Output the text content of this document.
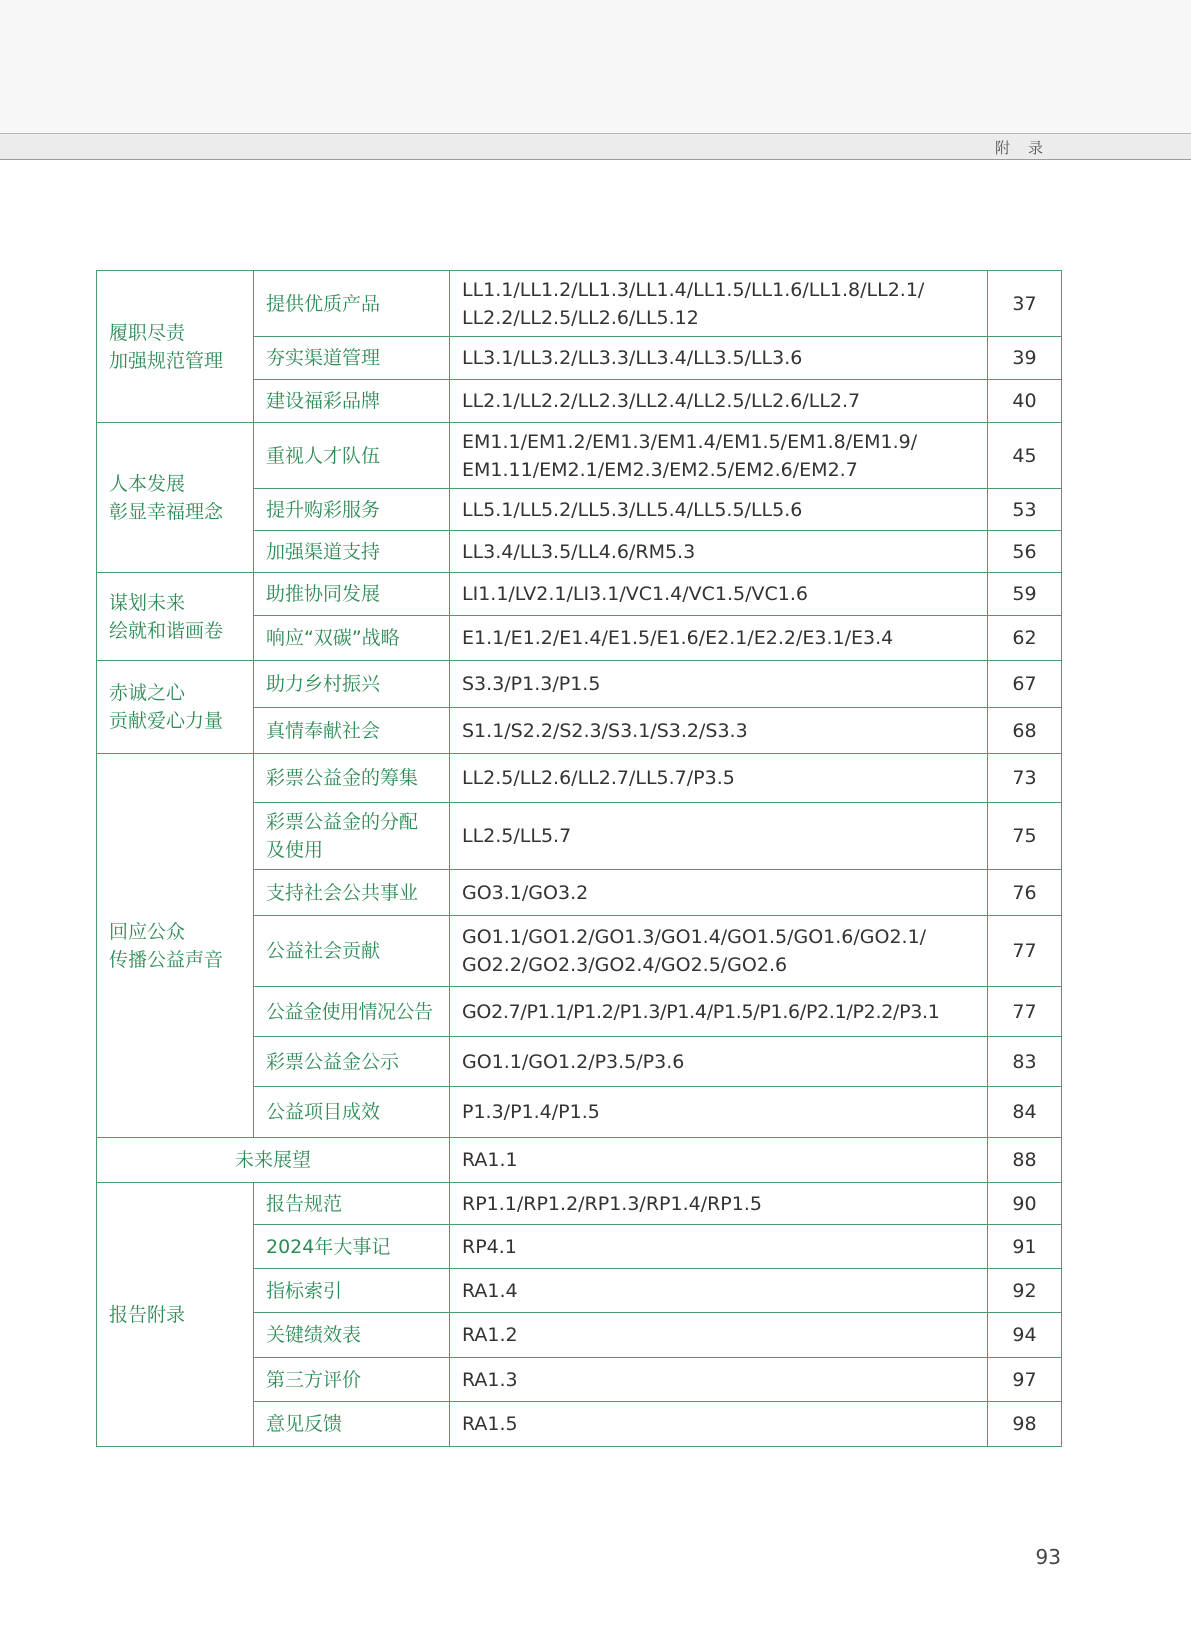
附录
履职尽责
加强规范管理	提供优质产品	LL1.1/LL1.2/LL1.3/LL1.4/LL1.5/LL1.6/LL1.8/LL2.1/
LL2.2/LL2.5/LL2.6/LL5.12	37
	夯实渠道管理	LL3.1/LL3.2/LL3.3/LL3.4/LL3.5/LL3.6	39
	建设福彩品牌	LL2.1/LL2.2/LL2.3/LL2.4/LL2.5/LL2.6/LL2.7	40
人本发展
彰显幸福理念	重视人才队伍	EM1.1/EM1.2/EM1.3/EM1.4/EM1.5/EM1.8/EM1.9/
EM1.11/EM2.1/EM2.3/EM2.5/EM2.6/EM2.7	45
	提升购彩服务	LL5.1/LL5.2/LL5.3/LL5.4/LL5.5/LL5.6	53
	加强渠道支持	LL3.4/LL3.5/LL4.6/RM5.3	56
谋划未来
绘就和谐画卷	助推协同发展	LI1.1/LV2.1/LI3.1/VC1.4/VC1.5/VC1.6	59
	响应“双碳”战略	E1.1/E1.2/E1.4/E1.5/E1.6/E2.1/E2.2/E3.1/E3.4	62
赤诚之心
贡献爱心力量	助力乡村振兴	S3.3/P1.3/P1.5	67
	真情奉献社会	S1.1/S2.2/S2.3/S3.1/S3.2/S3.3	68
回应公众
传播公益声音	彩票公益金的筹集	LL2.5/LL2.6/LL2.7/LL5.7/P3.5	73
	彩票公益金的分配
及使用	LL2.5/LL5.7	75
	支持社会公共事业	GO3.1/GO3.2	76
	公益社会贡献	GO1.1/GO1.2/GO1.3/GO1.4/GO1.5/GO1.6/GO2.1/
GO2.2/GO2.3/GO2.4/GO2.5/GO2.6	77
	公益金使用情况公告	GO2.7/P1.1/P1.2/P1.3/P1.4/P1.5/P1.6/P2.1/P2.2/P3.1	77
	彩票公益金公示	GO1.1/GO1.2/P3.5/P3.6	83
	公益项目成效	P1.3/P1.4/P1.5	84
未来展望		RA1.1	88
报告附录	报告规范	RP1.1/RP1.2/RP1.3/RP1.4/RP1.5	90
	2024年大事记	RP4.1	91
	指标索引	RA1.4	92
	关键绩效表	RA1.2	94
	第三方评价	RA1.3	97
	意见反馈	RA1.5	98
93
